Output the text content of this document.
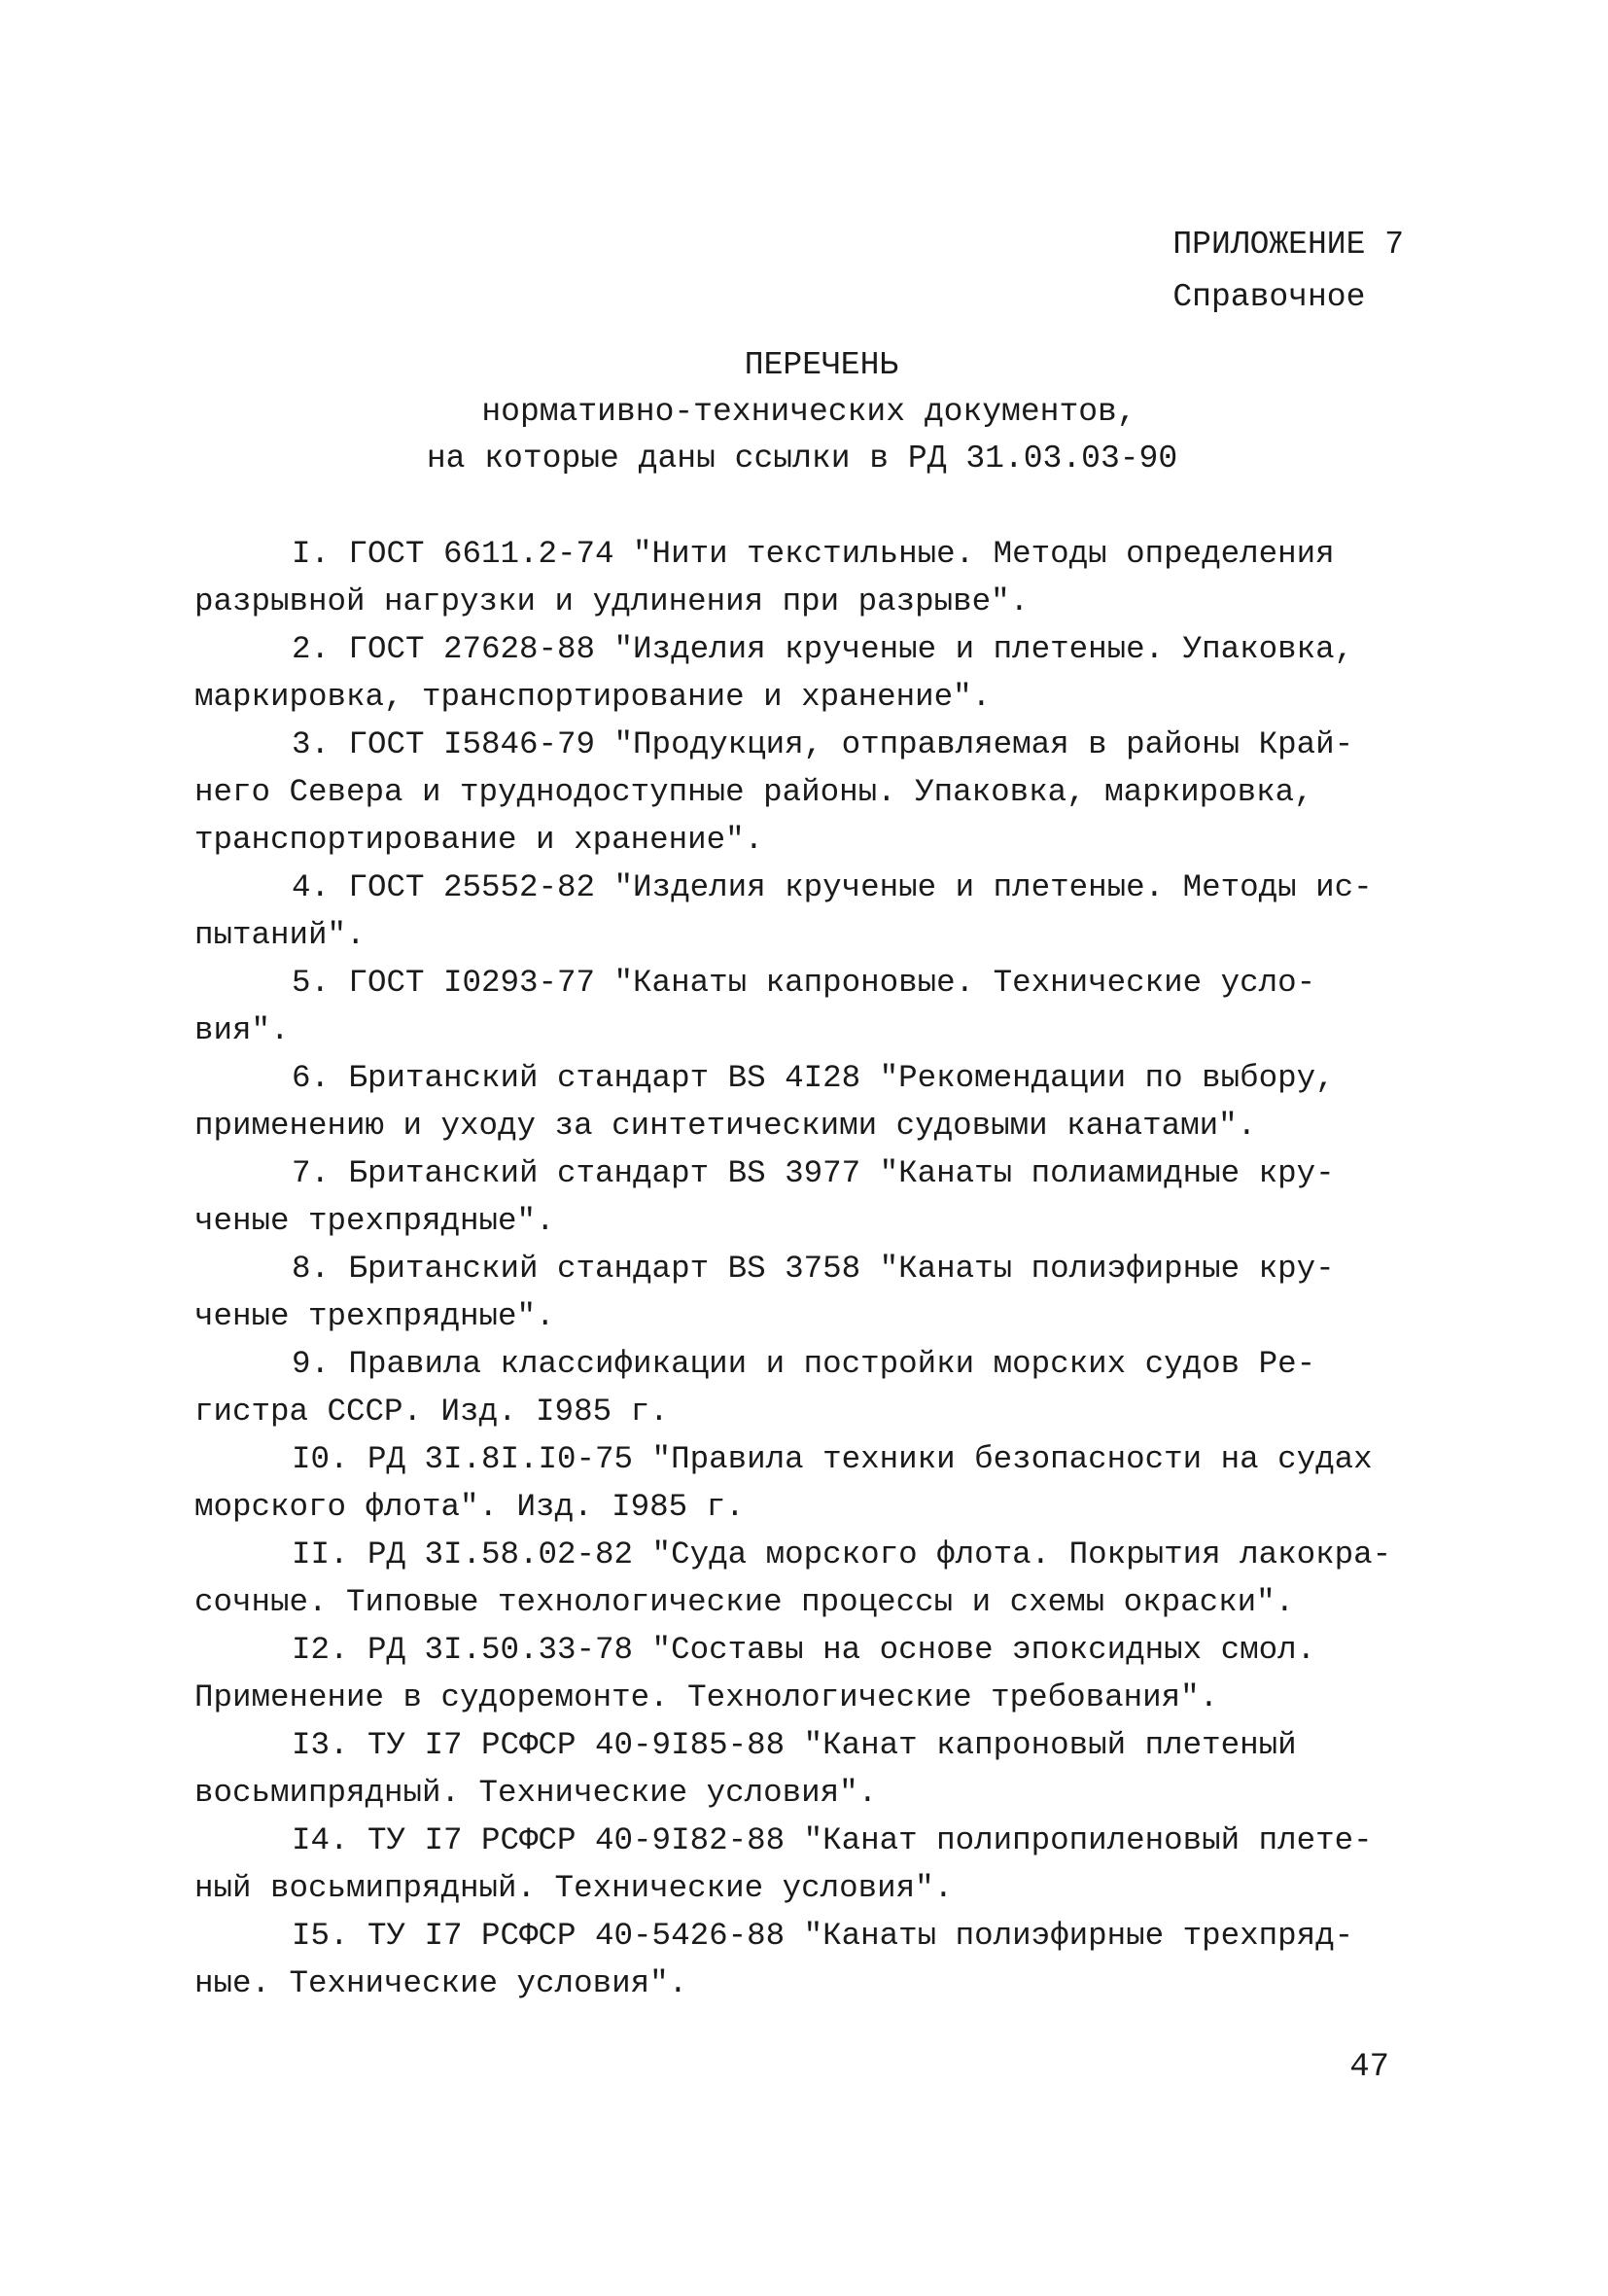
ПРИЛОЖЕНИЕ 7
Справочное
ПЕРЕЧЕНЬ
нормативно-технических документов,
на которые даны ссылки в РД 31.03.03-90
I. ГОСТ 6611.2-74 "Нити текстильные. Методы определения
разрывной нагрузки и удлинения при разрыве".
2. ГОСТ 27628-88 "Изделия крученые и плетеные. Упаковка,
маркировка, транспортирование и хранение".
3. ГОСТ I5846-79 "Продукция, отправляемая в районы Край-
него Севера и труднодоступные районы. Упаковка, маркировка,
транспортирование и хранение".
4. ГОСТ 25552-82 "Изделия крученые и плетеные. Методы ис-
пытаний".
5. ГОСТ I0293-77 "Канаты капроновые. Технические усло-
вия".
6. Британский стандарт BS 4I28 "Рекомендации по выбору,
применению и уходу за синтетическими судовыми канатами".
7. Британский стандарт BS 3977 "Канаты полиамидные кру-
ченые трехпрядные".
8. Британский стандарт BS 3758 "Канаты полиэфирные кру-
ченые трехпрядные".
9. Правила классификации и постройки морских судов Ре-
гистра СССР. Изд. I985 г.
I0. РД 3I.8I.I0-75 "Правила техники безопасности на судах
морского флота". Изд. I985 г.
II. РД 3I.58.02-82 "Суда морского флота. Покрытия лакокра-
сочные. Типовые технологические процессы и схемы окраски".
I2. РД 3I.50.33-78 "Составы на основе эпоксидных смол.
Применение в судоремонте. Технологические требования".
I3. ТУ I7 РСФСР 40-9I85-88 "Канат капроновый плетеный
восьмипрядный. Технические условия".
I4. ТУ I7 РСФСР 40-9I82-88 "Канат полипропиленовый плете-
ный восьмипрядный. Технические условия".
I5. ТУ I7 РСФСР 40-5426-88 "Канаты полиэфирные трехпряд-
ные. Технические условия".
47
